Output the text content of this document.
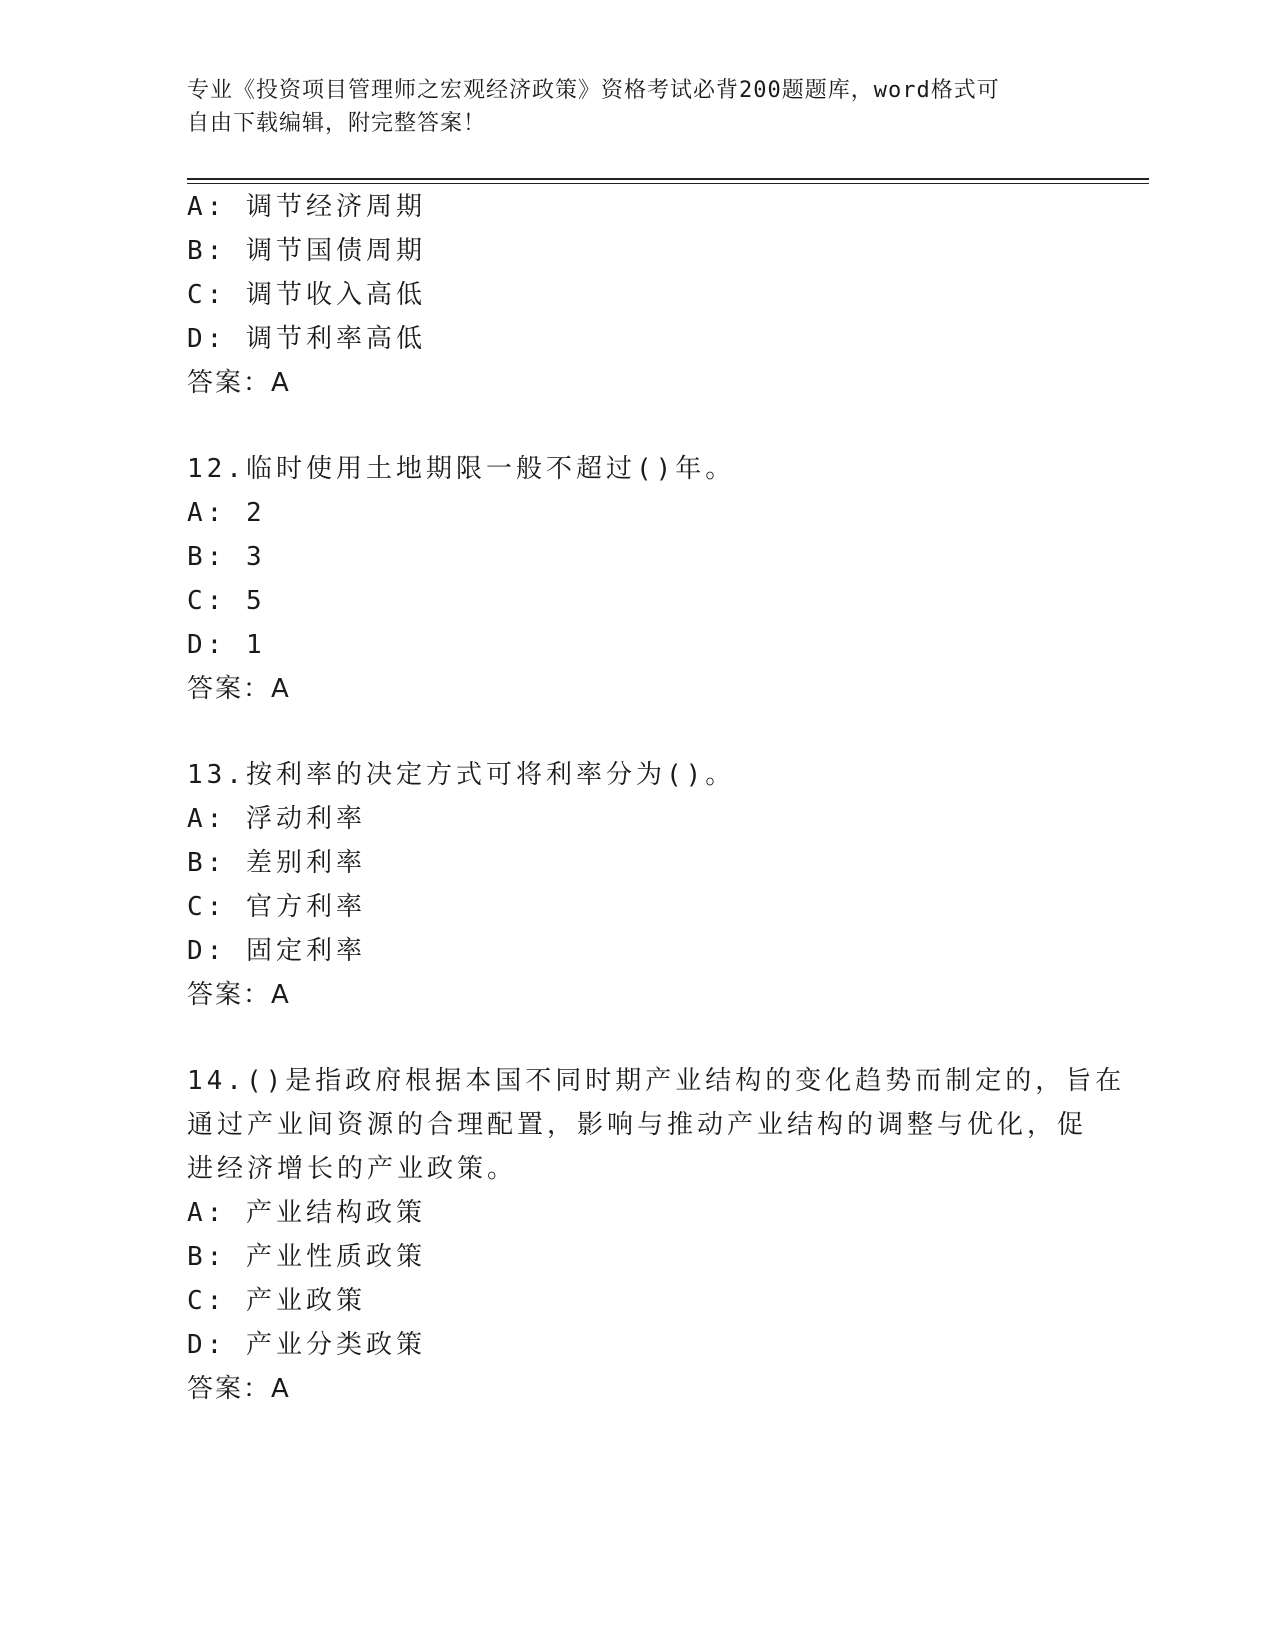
专业《投资项目管理师之宏观经济政策》资格考试必背200题题库，word格式可
自由下载编辑，附完整答案！
A: 调节经济周期
B: 调节国债周期
C: 调节收入高低
D: 调节利率高低
答案：A
12.临时使用土地期限一般不超过()年。
A: 2
B: 3
C: 5
D: 1
答案：A
13.按利率的决定方式可将利率分为()。
A: 浮动利率
B: 差别利率
C: 官方利率
D: 固定利率
答案：A
14.()是指政府根据本国不同时期产业结构的变化趋势而制定的，旨在
通过产业间资源的合理配置，影响与推动产业结构的调整与优化，促
进经济增长的产业政策。
A: 产业结构政策
B: 产业性质政策
C: 产业政策
D: 产业分类政策
答案：A
